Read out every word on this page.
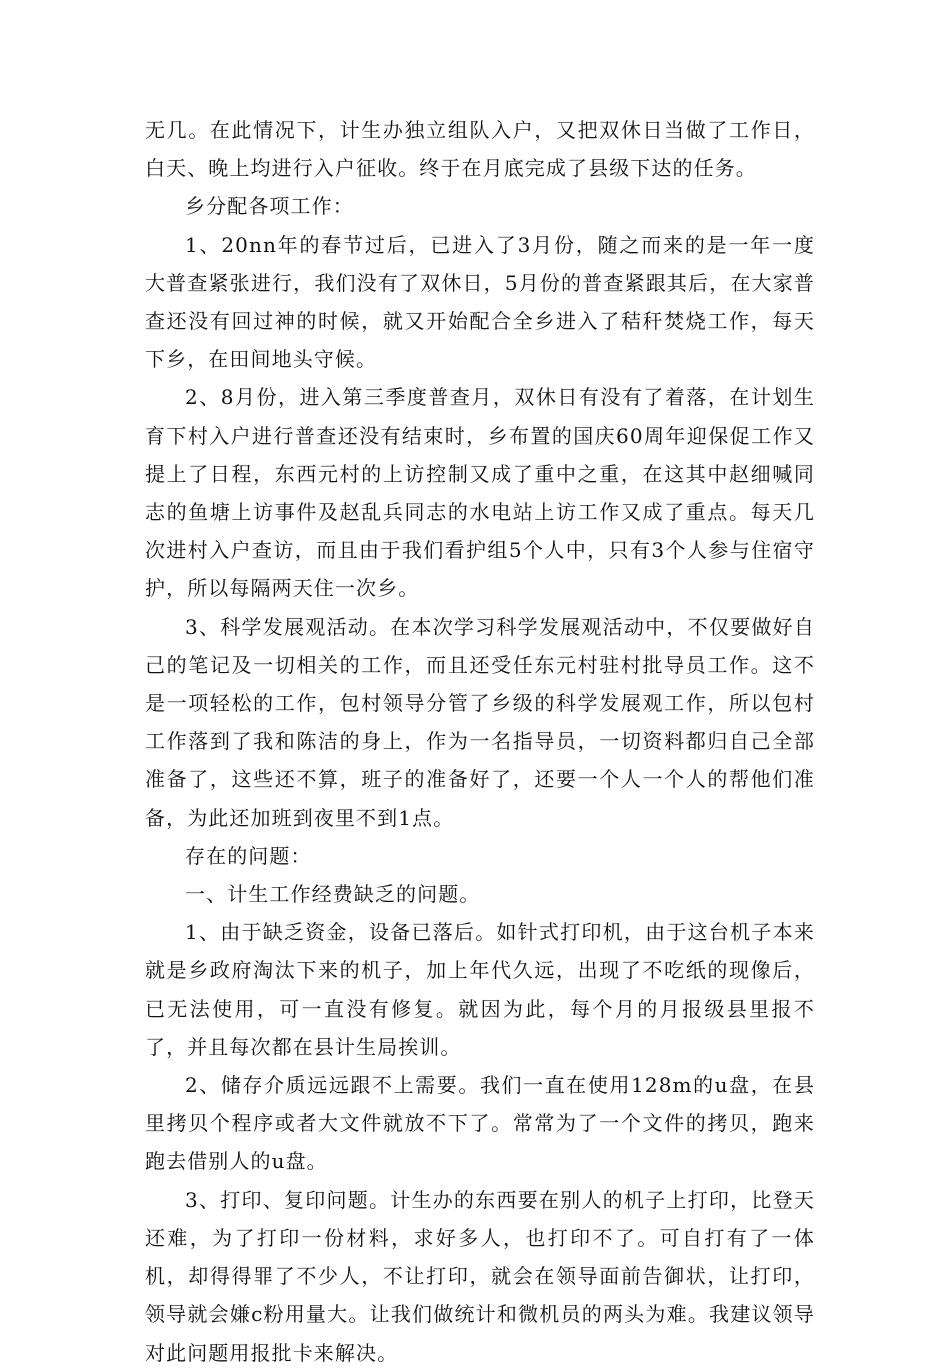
无几。在此情况下，计生办独立组队入户，又把双休日当做了工作日，白天、晚上均进行入户征收。终于在月底完成了县级下达的任务。

乡分配各项工作：

1、20nn年的春节过后，已进入了3月份，随之而来的是一年一度大普查紧张进行，我们没有了双休日，5月份的普查紧跟其后，在大家普查还没有回过神的时候，就又开始配合全乡进入了秸秆焚烧工作，每天下乡，在田间地头守候。

2、8月份，进入第三季度普查月，双休日有没有了着落，在计划生育下村入户进行普查还没有结束时，乡布置的国庆60周年迎保促工作又提上了日程，东西元村的上访控制又成了重中之重，在这其中赵细喊同志的鱼塘上访事件及赵乱兵同志的水电站上访工作又成了重点。每天几次进村入户查访，而且由于我们看护组5个人中，只有3个人参与住宿守护，所以每隔两天住一次乡。

3、科学发展观活动。在本次学习科学发展观活动中，不仅要做好自己的笔记及一切相关的工作，而且还受任东元村驻村批导员工作。这不是一项轻松的工作，包村领导分管了乡级的科学发展观工作，所以包村工作落到了我和陈洁的身上，作为一名指导员，一切资料都归自己全部准备了，这些还不算，班子的准备好了，还要一个人一个人的帮他们准备，为此还加班到夜里不到1点。

存在的问题：

一、计生工作经费缺乏的问题。

1、由于缺乏资金，设备已落后。如针式打印机，由于这台机子本来就是乡政府淘汰下来的机子，加上年代久远，出现了不吃纸的现像后，已无法使用，可一直没有修复。就因为此，每个月的月报级县里报不了，并且每次都在县计生局挨训。

2、储存介质远远跟不上需要。我们一直在使用128m的u盘，在县里拷贝个程序或者大文件就放不下了。常常为了一个文件的拷贝，跑来跑去借别人的u盘。

3、打印、复印问题。计生办的东西要在别人的机子上打印，比登天还难，为了打印一份材料，求好多人，也打印不了。可自打有了一体机，却得得罪了不少人，不让打印，就会在领导面前告御状，让打印，领导就会嫌c粉用量大。让我们做统计和微机员的两头为难。我建议领导对此问题用报批卡来解决。
